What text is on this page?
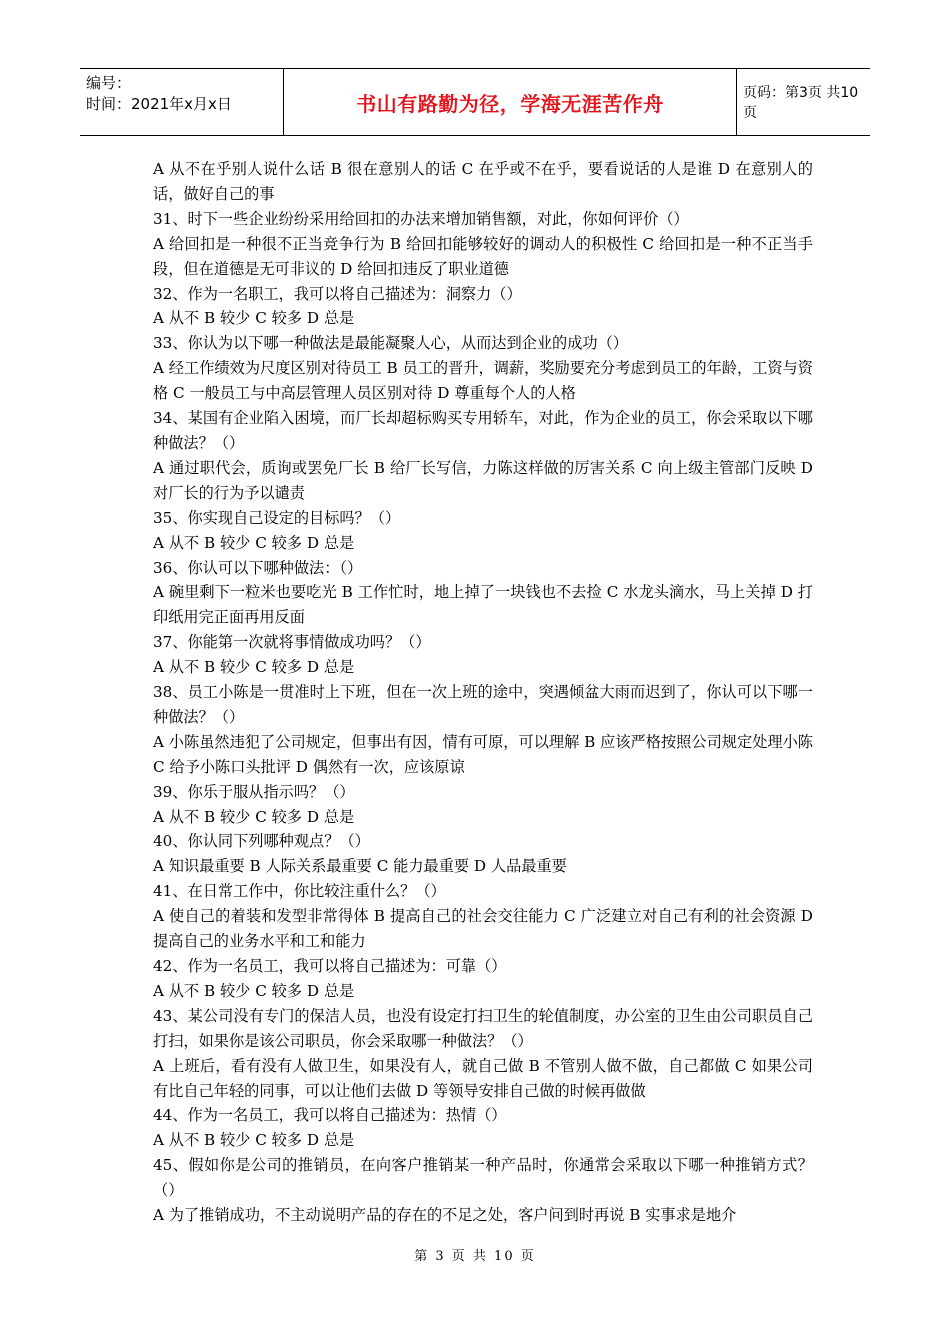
编号：
时间：2021年x月x日	书山有路勤为径，学海无涯苦作舟	页码：第3页 共10页

A 从不在乎别人说什么话 B 很在意别人的话 C 在乎或不在乎，要看说话的人是谁 D 在意别人的话，做好自己的事

31、时下一些企业纷纷采用给回扣的办法来增加销售额，对此，你如何评价（）

A 给回扣是一种很不正当竞争行为 B 给回扣能够较好的调动人的积极性 C 给回扣是一种不正当手段，但在道德是无可非议的 D 给回扣违反了职业道德

32、作为一名职工，我可以将自己描述为：洞察力（）

A 从不 B 较少 C 较多 D 总是

33、你认为以下哪一种做法是最能凝聚人心，从而达到企业的成功（）

A 经工作绩效为尺度区别对待员工 B 员工的晋升，调薪，奖励要充分考虑到员工的年龄，工资与资格 C 一般员工与中高层管理人员区别对待 D 尊重每个人的人格

34、某国有企业陷入困境，而厂长却超标购买专用轿车，对此，作为企业的员工，你会采取以下哪种做法？（）

A 通过职代会，质询或罢免厂长 B 给厂长写信，力陈这样做的厉害关系 C 向上级主管部门反映 D 对厂长的行为予以谴责

35、你实现自己设定的目标吗？（）

A 从不 B 较少 C 较多 D 总是

36、你认可以下哪种做法：（）

A 碗里剩下一粒米也要吃光 B 工作忙时，地上掉了一块钱也不去捡 C 水龙头滴水，马上关掉 D 打印纸用完正面再用反面

37、你能第一次就将事情做成功吗？（）

A 从不 B 较少 C 较多 D 总是

38、员工小陈是一贯准时上下班，但在一次上班的途中，突遇倾盆大雨而迟到了，你认可以下哪一种做法？（）

A 小陈虽然违犯了公司规定，但事出有因，情有可原，可以理解 B 应该严格按照公司规定处理小陈 C 给予小陈口头批评 D 偶然有一次，应该原谅

39、你乐于服从指示吗？（）

A 从不 B 较少 C 较多 D 总是

40、你认同下列哪种观点？（）

A 知识最重要 B 人际关系最重要 C 能力最重要 D 人品最重要

41、在日常工作中，你比较注重什么？（）

A 使自己的着装和发型非常得体 B 提高自己的社会交往能力 C 广泛建立对自己有利的社会资源 D 提高自己的业务水平和工和能力

42、作为一名员工，我可以将自己描述为：可靠（）

A 从不 B 较少 C 较多 D 总是

43、某公司没有专门的保洁人员，也没有设定打扫卫生的轮值制度，办公室的卫生由公司职员自己打扫，如果你是该公司职员，你会采取哪一种做法？（）

A 上班后，看有没有人做卫生，如果没有人，就自己做 B 不管别人做不做，自己都做 C 如果公司有比自己年轻的同事，可以让他们去做 D 等领导安排自己做的时候再做做

44、作为一名员工，我可以将自己描述为：热情（）

A 从不 B 较少 C 较多 D 总是

45、假如你是公司的推销员，在向客户推销某一种产品时，你通常会采取以下哪一种推销方式？（）

A 为了推销成功，不主动说明产品的存在的不足之处，客户问到时再说 B 实事求是地介

第 3 页 共 10 页
